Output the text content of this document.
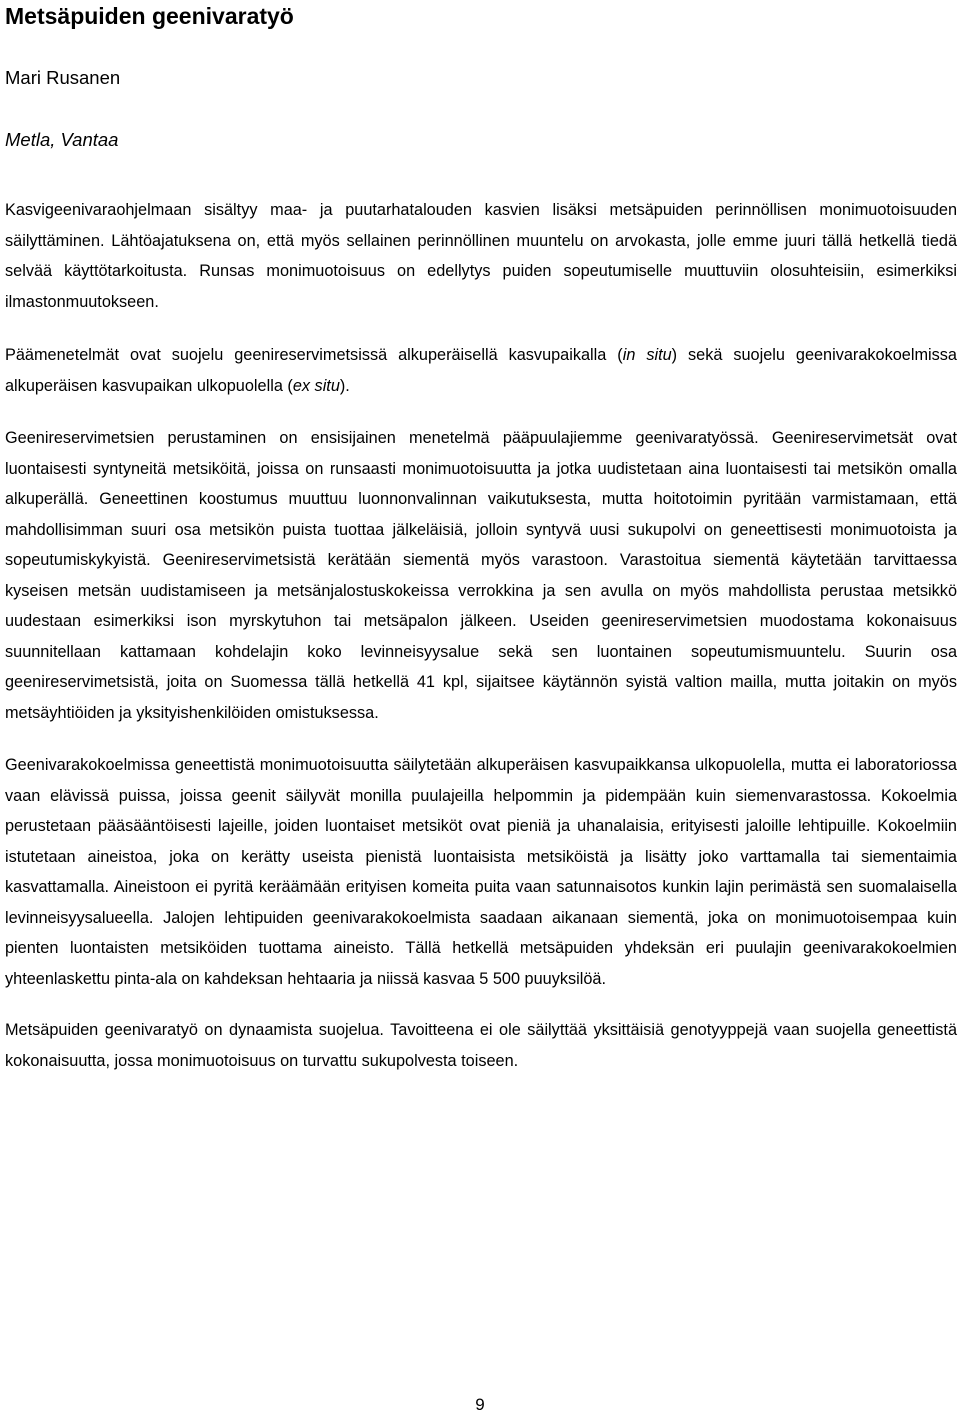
Metsäpuiden geenivaratyö
Mari Rusanen
Metla, Vantaa

Kasvigeenivaraohjelmaan sisältyy maa- ja puutarhatalouden kasvien lisäksi metsäpuiden perinnöllisen monimuotoisuuden säilyttäminen. Lähtöajatuksena on, että myös sellainen perinnöllinen muuntelu on arvokasta, jolle emme juuri tällä hetkellä tiedä selvää käyttötarkoitusta. Runsas monimuotoisuus on edellytys puiden sopeutumiselle muuttuviin olosuhteisiin, esimerkiksi ilmastonmuutokseen.

Päämenetelmät ovat suojelu geenireservimetsissä alkuperäisellä kasvupaikalla (in situ) sekä suojelu geenivarakokoelmissa alkuperäisen kasvupaikan ulkopuolella (ex situ).

Geenireservimetsien perustaminen on ensisijainen menetelmä pääpuulajiemme geenivaratyössä. Geenireservimetsät ovat luontaisesti syntyneitä metsiköitä, joissa on runsaasti monimuotoisuutta ja jotka uudistetaan aina luontaisesti tai metsikön omalla alkuperällä. Geneettinen koostumus muuttuu luonnonvalinnan vaikutuksesta, mutta hoitotoimin pyritään varmistamaan, että mahdollisimman suuri osa metsikön puista tuottaa jälkeläisiä, jolloin syntyvä uusi sukupolvi on geneettisesti monimuotoista ja sopeutumiskykyistä. Geenireservimetsistä kerätään siementä myös varastoon. Varastoitua siementä käytetään tarvittaessa kyseisen metsän uudistamiseen ja metsänjalostuskokeissa verrokkina ja sen avulla on myös mahdollista perustaa metsikkö uudestaan esimerkiksi ison myrskytuhon tai metsäpalon jälkeen. Useiden geenireservimetsien muodostama kokonaisuus suunnitellaan kattamaan kohdelajin koko levinneisyysalue sekä sen luontainen sopeutumismuuntelu. Suurin osa geenireservimetsistä, joita on Suomessa tällä hetkellä 41 kpl, sijaitsee käytännön syistä valtion mailla, mutta joitakin on myös metsäyhtiöiden ja yksityishenkilöiden omistuksessa.

Geenivarakokoelmissa geneettistä monimuotoisuutta säilytetään alkuperäisen kasvupaikkansa ulkopuolella, mutta ei laboratoriossa vaan elävissä puissa, joissa geenit säilyvät monilla puulajeilla helpommin ja pidempään kuin siemenvarastossa. Kokoelmia perustetaan pääsääntöisesti lajeille, joiden luontaiset metsiköt ovat pieniä ja uhanalaisia, erityisesti jaloille lehtipuille. Kokoelmiin istutetaan aineistoa, joka on kerätty useista pienistä luontaisista metsiköistä ja lisätty joko varttamalla tai siementaimia kasvattamalla. Aineistoon ei pyritä keräämään erityisen komeita puita vaan satunnaisotos kunkin lajin perimästä sen suomalaisella levinneisyysalueella. Jalojen lehtipuiden geenivarakokoelmista saadaan aikanaan siementä, joka on monimuotoisempaa kuin pienten luontaisten metsiköiden tuottama aineisto. Tällä hetkellä metsäpuiden yhdeksän eri puulajin geenivarakokoelmien yhteenlaskettu pinta-ala on kahdeksan hehtaaria ja niissä kasvaa 5 500 puuyksilöä.

Metsäpuiden geenivaratyö on dynaamista suojelua. Tavoitteena ei ole säilyttää yksittäisiä genotyyppejä vaan suojella geneettistä kokonaisuutta, jossa monimuotoisuus on turvattu sukupolvesta toiseen.

9
